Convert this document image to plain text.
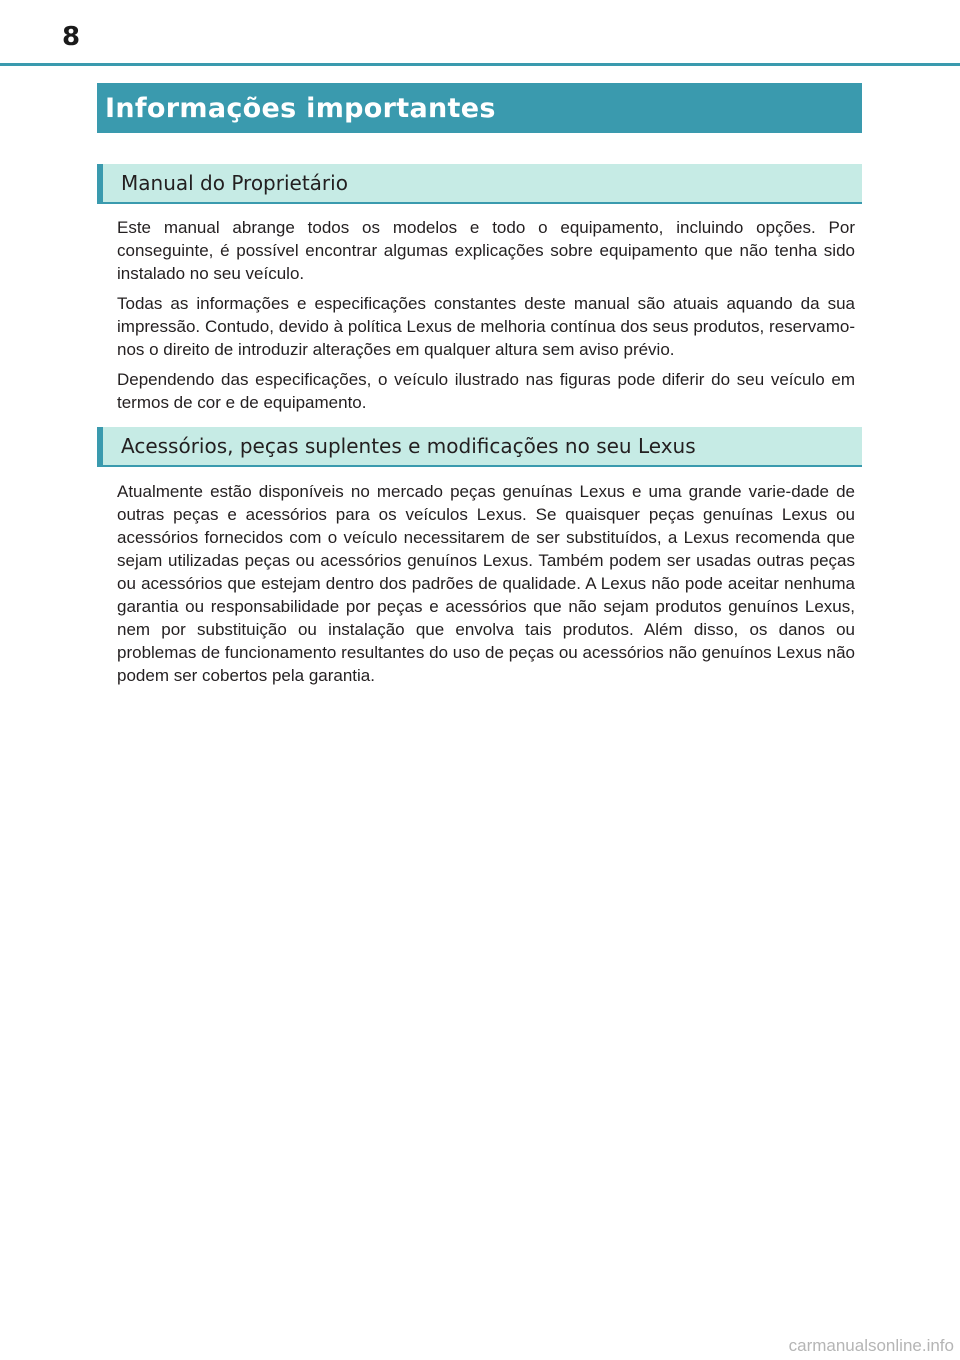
8
Informações importantes
Manual do Proprietário

Este manual abrange todos os modelos e todo o equipamento, incluindo opções. Por conseguinte, é possível encontrar algumas explicações sobre equipamento que não tenha sido instalado no seu veículo.

Todas as informações e especificações constantes deste manual são atuais aquando da sua impressão. Contudo, devido à política Lexus de melhoria contínua dos seus produtos, reservamo-nos o direito de introduzir alterações em qualquer altura sem aviso prévio.

Dependendo das especificações, o veículo ilustrado nas figuras pode diferir do seu veículo em termos de cor e de equipamento.

Acessórios, peças suplentes e modificações no seu Lexus

Atualmente estão disponíveis no mercado peças genuínas Lexus e uma grande varie-dade de outras peças e acessórios para os veículos Lexus. Se quaisquer peças genuínas Lexus ou acessórios fornecidos com o veículo necessitarem de ser substituídos, a Lexus recomenda que sejam utilizadas peças ou acessórios genuínos Lexus. Também podem ser usadas outras peças ou acessórios que estejam dentro dos padrões de qualidade. A Lexus não pode aceitar nenhuma garantia ou responsabilidade por peças e acessórios que não sejam produtos genuínos Lexus, nem por substituição ou instalação que envolva tais produtos. Além disso, os danos ou problemas de funcionamento resultantes do uso de peças ou acessórios não genuínos Lexus não podem ser cobertos pela garantia.

carmanualsonline.info
